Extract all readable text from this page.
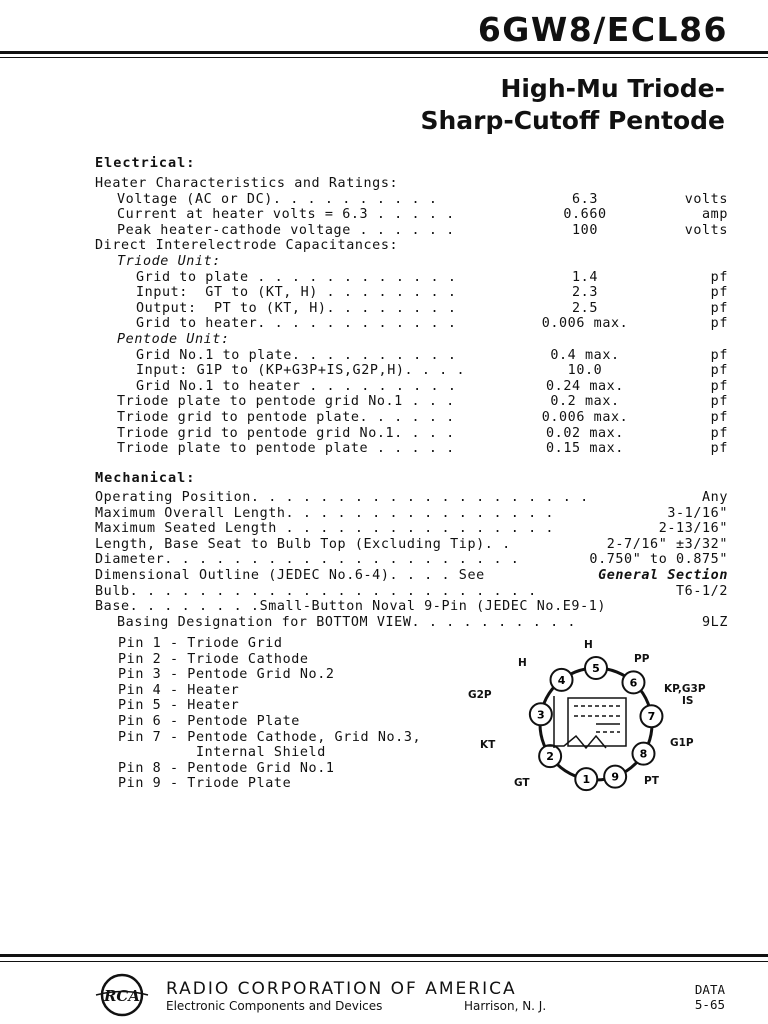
6GW8/ECL86
High-Mu Triode-
Sharp-Cutoff Pentode
Electrical:
Heater Characteristics and Ratings:
Voltage (AC or DC). . . . . . . . . .	6.3	volts
Current at heater volts = 6.3 . . . . .	0.660	amp
Peak heater-cathode voltage . . . . . .	100	volts
Direct Interelectrode Capacitances:
Triode Unit:
Grid to plate . . . . . . . . . . . .	1.4	pf
Input:  GT to (KT, H) . . . . . . . .	2.3	pf
Output:  PT to (KT, H). . . . . . . .	2.5	pf
Grid to heater. . . . . . . . . . . .	0.006 max.	pf
Pentode Unit:
Grid No.1 to plate. . . . . . . . . .	0.4 max.	pf
Input: G1P to (KP+G3P+IS,G2P,H). . . .	10.0	pf
Grid No.1 to heater . . . . . . . . .	0.24 max.	pf
Triode plate to pentode grid No.1 . . .	0.2 max.	pf
Triode grid to pentode plate. . . . . .	0.006 max.	pf
Triode grid to pentode grid No.1. . . .	0.02 max.	pf
Triode plate to pentode plate . . . . .	0.15 max.	pf
Mechanical:
Operating Position. . . . . . . . . . . . . . . . . . . .	Any
Maximum Overall Length. . . . . . . . . . . . . . . .	3-1/16"
Maximum Seated Length . . . . . . . . . . . . . . . .	2-13/16"
Length, Base Seat to Bulb Top (Excluding Tip). .	2-7/16" ±3/32"
Diameter. . . . . . . . . . . . . . . . . . . . .	0.750" to 0.875"
Dimensional Outline (JEDEC No.6-4). . . . See	General Section
Bulb. . . . . . . . . . . . . . . . . . . . . . . .	T6-1/2
Base. . . . . . . .Small-Button Noval 9-Pin (JEDEC No.E9-1)
Basing Designation for BOTTOM VIEW. . . . . . . . . .	9LZ
Pin 1 - Triode Grid
Pin 2 - Triode Cathode
Pin 3 - Pentode Grid No.2
Pin 4 - Heater
Pin 5 - Heater
Pin 6 - Pentode Plate
Pin 7 - Pentode Cathode, Grid No.3,
Internal Shield
Pin 8 - Pentode Grid No.1
Pin 9 - Triode Plate	1
2
3
4
5
6
7
8
9
H
H	PP
KP,G3P
IS
G2P
KT	G1P
GT	PT
RCA RADIO CORPORATION OF AMERICA
Electronic Components and Devices	Harrison, N. J.
DATA
5-65
